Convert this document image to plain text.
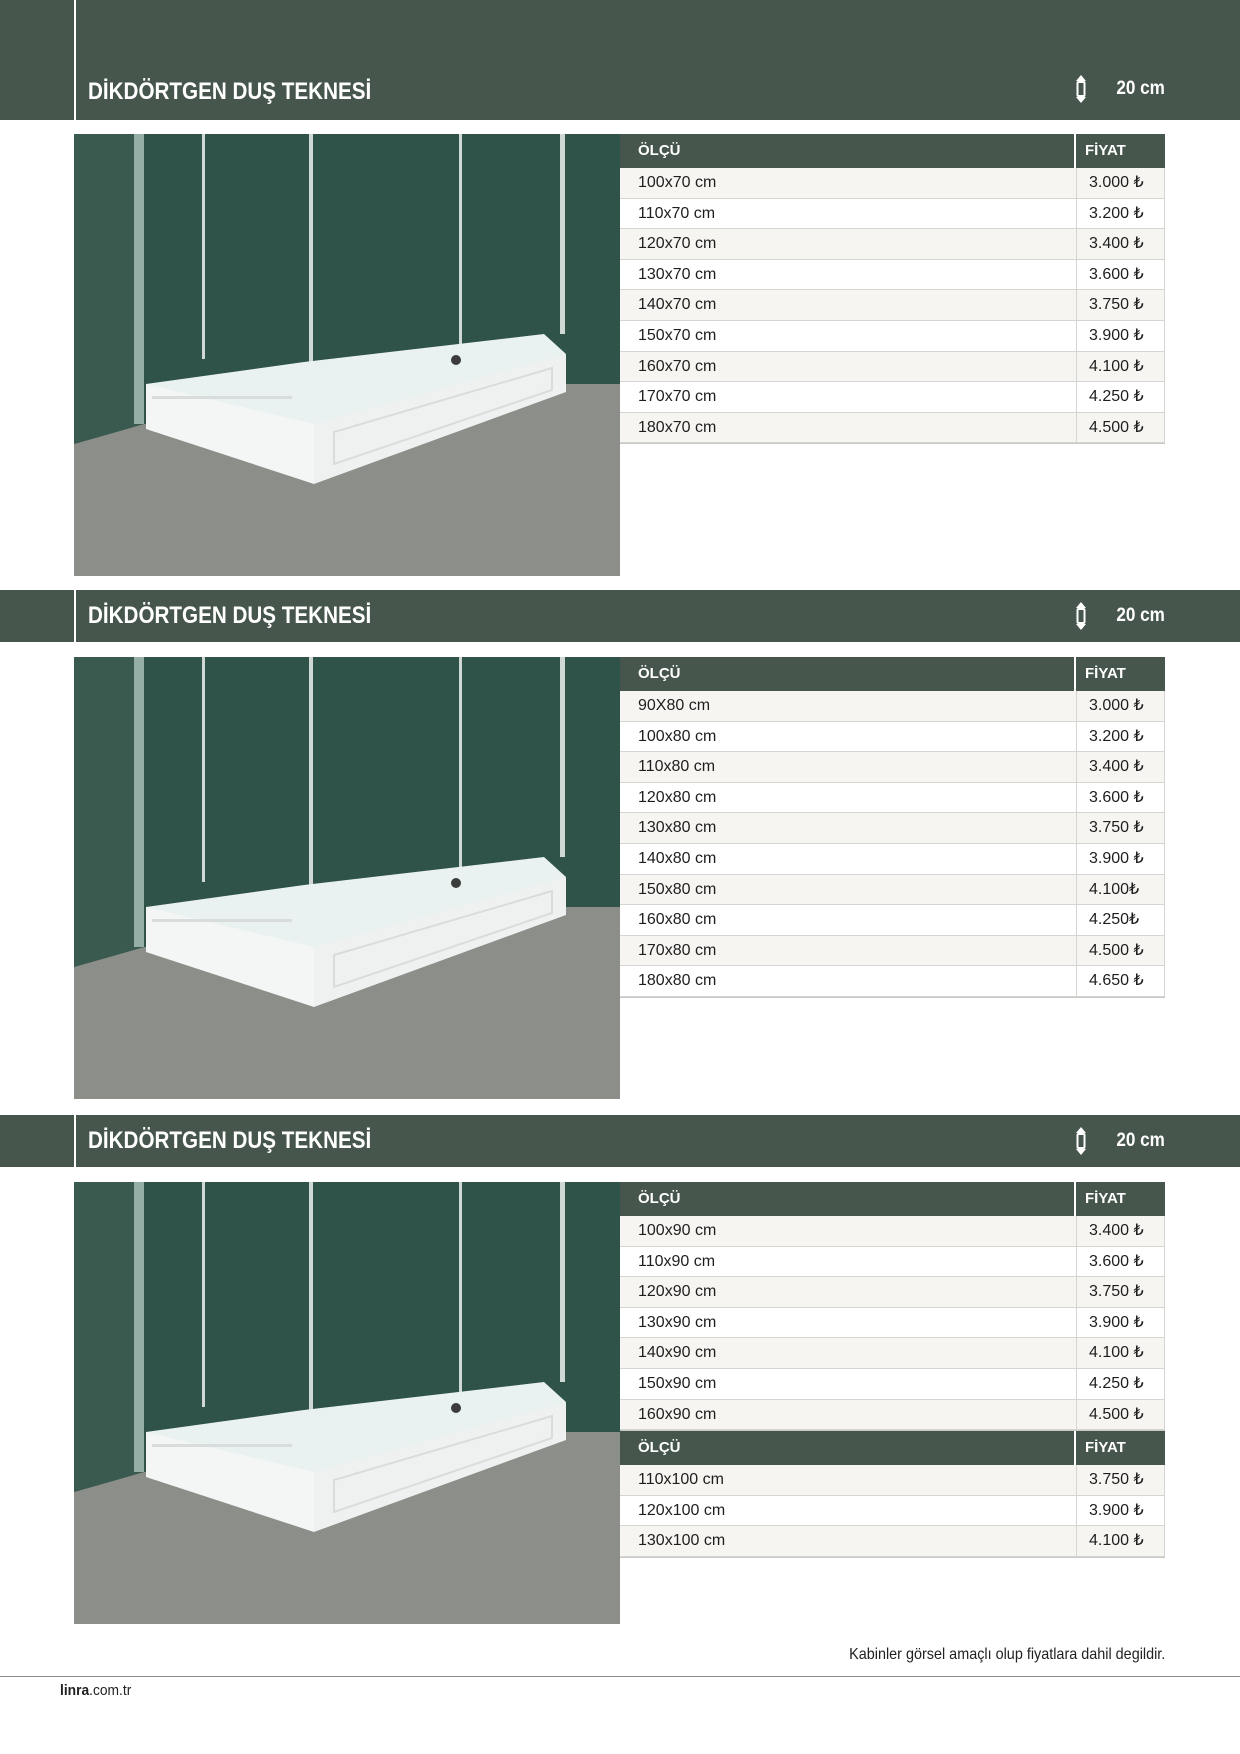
DİKDÖRTGEN DUŞ TEKNESİ	20 cm
ÖLÇÜ	FİYAT
100x70 cm	3.000 ₺
110x70 cm	3.200 ₺
120x70 cm	3.400 ₺
130x70 cm	3.600 ₺
140x70 cm	3.750 ₺
150x70 cm	3.900 ₺
160x70 cm	4.100 ₺
170x70 cm	4.250 ₺
180x70 cm	4.500 ₺
DİKDÖRTGEN DUŞ TEKNESİ	20 cm
ÖLÇÜ	FİYAT
90X80 cm	3.000 ₺
100x80 cm	3.200 ₺
110x80 cm	3.400 ₺
120x80 cm	3.600 ₺
130x80 cm	3.750 ₺
140x80 cm	3.900 ₺
150x80 cm	4.100₺
160x80 cm	4.250₺
170x80 cm	4.500 ₺
180x80 cm	4.650 ₺
DİKDÖRTGEN DUŞ TEKNESİ	20 cm
ÖLÇÜ	FİYAT
100x90 cm	3.400 ₺
110x90 cm	3.600 ₺
120x90 cm	3.750 ₺
130x90 cm	3.900 ₺
140x90 cm	4.100 ₺
150x90 cm	4.250 ₺
160x90 cm	4.500 ₺
ÖLÇÜ	FİYAT
110x100 cm	3.750 ₺
120x100 cm	3.900 ₺
130x100 cm	4.100 ₺
Kabinler görsel amaçlı olup fiyatlara dahil degildir.
linra.com.tr
